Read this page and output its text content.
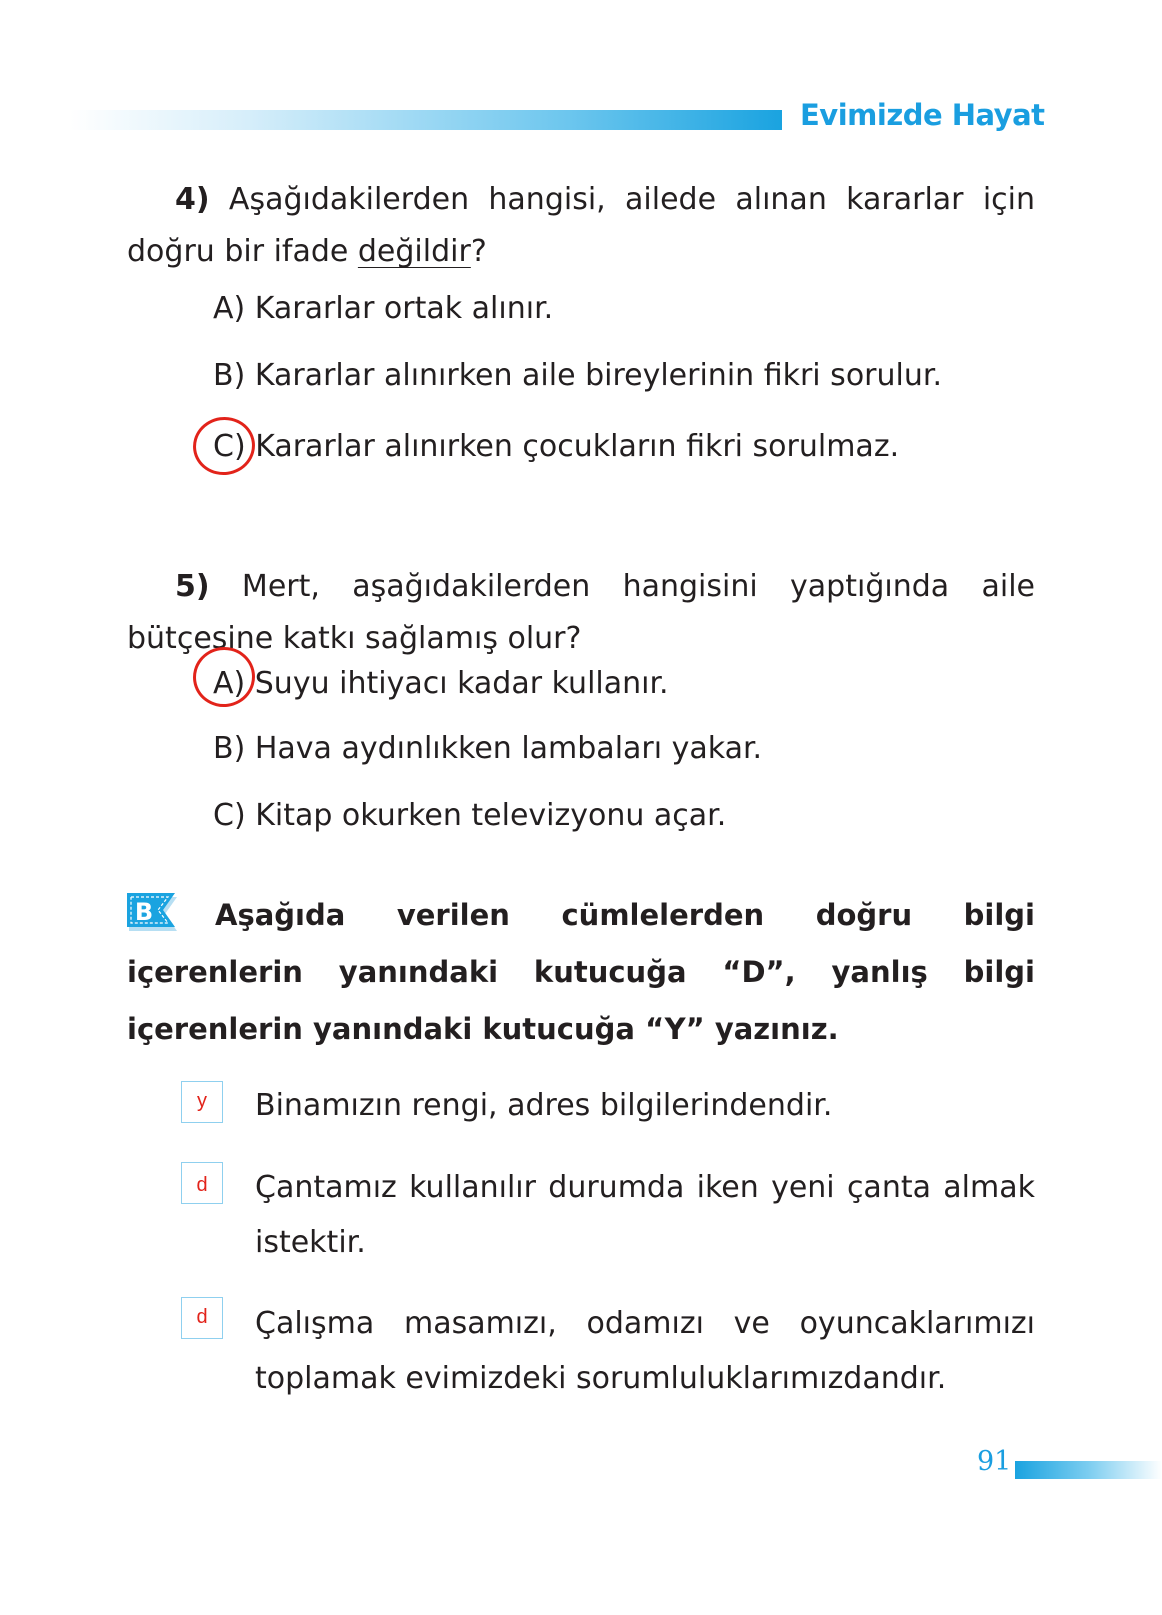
Evimizde Hayat
4) Aşağıdakilerden hangisi, ailede alınan kararlar için doğru bir ifade değildir?
A) Kararlar ortak alınır.
B) Kararlar alınırken aile bireylerinin fikri sorulur.
C) Kararlar alınırken çocukların fikri sorulmaz.
5) Mert, aşağıdakilerden hangisini yaptığında aile bütçesine katkı sağlamış olur?
A) Suyu ihtiyacı kadar kullanır.
B) Hava aydınlıkken lambaları yakar.
C) Kitap okurken televizyonu açar.
B	Aşağıda verilen cümlelerden doğru bilgi içerenlerin yanındaki kutucuğa “D”, yanlış bilgi içerenlerin yanındaki kutucuğa “Y” yazınız.
y	Binamızın rengi, adres bilgilerindendir.
d	Çantamız kullanılır durumda iken yeni çanta almak istektir.
d	Çalışma masamızı, odamızı ve oyuncaklarımızı toplamak evimizdeki sorumluluklarımızdandır.
91
